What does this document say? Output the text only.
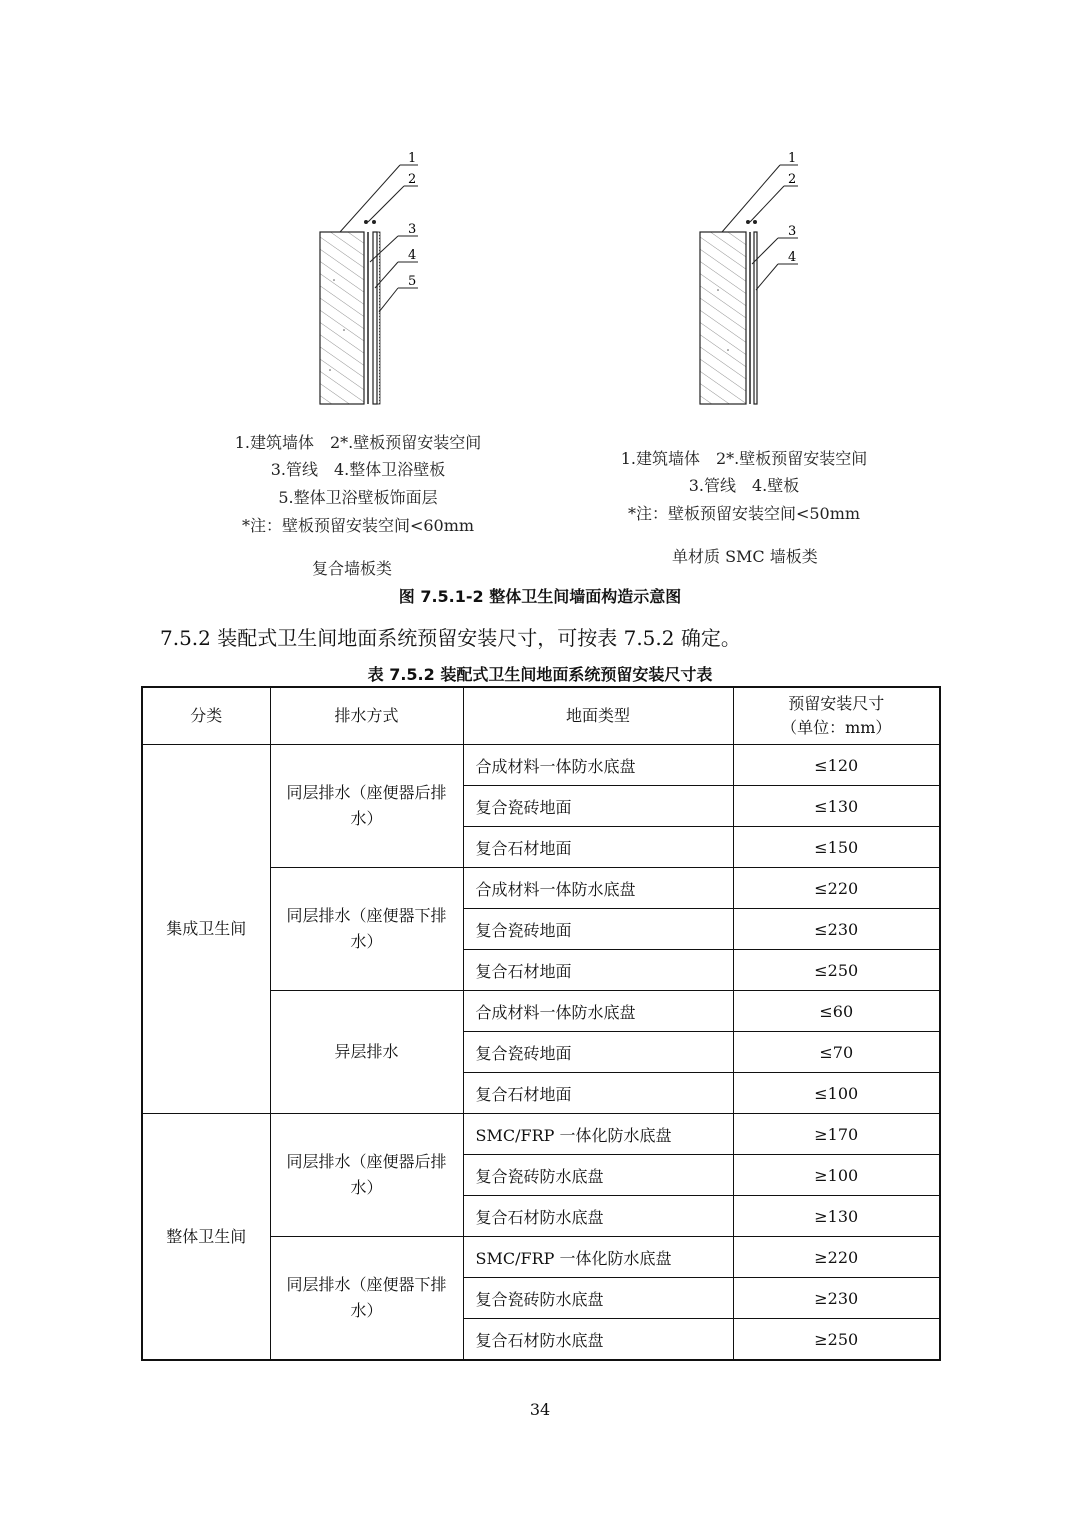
1
2
3
4
5
1
2
3
4
1.建筑墙体　2*.壁板预留安装空间
3.管线　4.整体卫浴壁板
5.整体卫浴壁板饰面层
*注：壁板预留安装空间<60mm
复合墙板类
1.建筑墙体　2*.壁板预留安装空间
3.管线　4.壁板
*注：壁板预留安装空间<50mm
单材质 SMC 墙板类
图 7.5.1-2 整体卫生间墙面构造示意图
7.5.2 装配式卫生间地面系统预留安装尺寸，可按表 7.5.2 确定。
表 7.5.2 装配式卫生间地面系统预留安装尺寸表
分类	排水方式	地面类型	预留安装尺寸
（单位：mm）

集成卫生间	同层排水（座便器后排水）	合成材料一体防水底盘	≤120
		复合瓷砖地面	≤130
		复合石材地面	≤150

	同层排水（座便器下排水）	合成材料一体防水底盘	≤220
		复合瓷砖地面	≤230
		复合石材地面	≤250
	异层排水	合成材料一体防水底盘	≤60
		复合瓷砖地面	≤70
		复合石材地面	≤100
整体卫生间	同层排水（座便器后排水）	SMC/FRP 一体化防水底盘	≥170
		复合瓷砖防水底盘	≥100
		复合石材防水底盘	≥130

	同层排水（座便器下排水）	SMC/FRP 一体化防水底盘	≥220
		复合瓷砖防水底盘	≥230
		复合石材防水底盘	≥250
34
